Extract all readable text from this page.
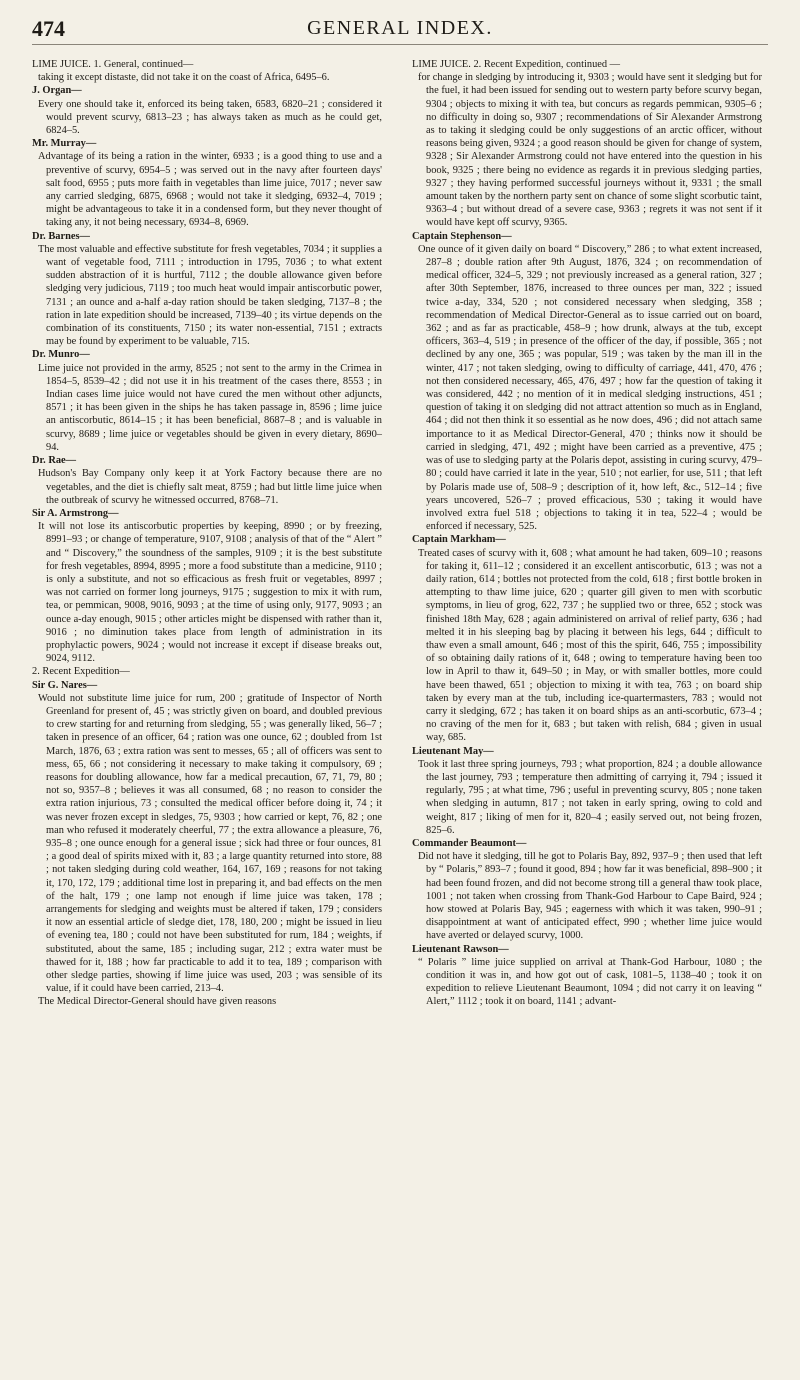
474	GENERAL INDEX.

LIME JUICE. 1. General, continued—

taking it except distaste, did not take it on the coast of Africa, 6495–6.

J. Organ—

Every one should take it, enforced its being taken, 6583, 6820–21 ; considered it would prevent scurvy, 6813–23 ; has always taken as much as he could get, 6824–5.

Mr. Murray—

Advantage of its being a ration in the winter, 6933 ; is a good thing to use and a preventive of scurvy, 6954–5 ; was served out in the navy after fourteen days' salt food, 6955 ; puts more faith in vegetables than lime juice, 7017 ; never saw any carried sledging, 6875, 6968 ; would not take it sledging, 6932–4, 7019 ; might be advantageous to take it in a condensed form, but they never thought of taking any, it not being necessary, 6934–8, 6969.

Dr. Barnes—

The most valuable and effective substitute for fresh vegetables, 7034 ; it supplies a want of vegetable food, 7111 ; introduction in 1795, 7036 ; to what extent sudden abstraction of it is hurtful, 7112 ; the double allowance given before sledging very judicious, 7119 ; too much heat would impair antiscorbutic power, 7131 ; an ounce and a-half a-day ration should be taken sledging, 7137–8 ; the ration in late expedition should be increased, 7139–40 ; its virtue depends on the combination of its constituents, 7150 ; its water non-essential, 7151 ; extracts may be found by experiment to be valuable, 715.

Dr. Munro—

Lime juice not provided in the army, 8525 ; not sent to the army in the Crimea in 1854–5, 8539–42 ; did not use it in his treatment of the cases there, 8553 ; in Indian cases lime juice would not have cured the men without other adjuncts, 8571 ; it has been given in the ships he has taken passage in, 8596 ; lime juice an antiscorbutic, 8614–15 ; it has been beneficial, 8687–8 ; and is valuable in scurvy, 8689 ; lime juice or vegetables should be given in every dietary, 8690–94.

Dr. Rae—

Hudson's Bay Company only keep it at York Factory because there are no vegetables, and the diet is chiefly salt meat, 8759 ; had but little lime juice when the outbreak of scurvy he witnessed occurred, 8768–71.

Sir A. Armstrong—

It will not lose its antiscorbutic properties by keeping, 8990 ; or by freezing, 8991–93 ; or change of temperature, 9107, 9108 ; analysis of that of the “ Alert ” and “ Discovery,” the soundness of the samples, 9109 ; it is the best substitute for fresh vegetables, 8994, 8995 ; more a food substitute than a medicine, 9110 ; is only a substitute, and not so efficacious as fresh fruit or vegetables, 8997 ; was not carried on former long journeys, 9175 ; suggestion to mix it with rum, tea, or pemmican, 9008, 9016, 9093 ; at the time of using only, 9177, 9093 ; an ounce a-day enough, 9015 ; other articles might be dispensed with rather than it, 9016 ; no diminution takes place from length of administration in its prophylactic powers, 9024 ; would not increase it except if disease breaks out, 9024, 9112.

2. Recent Expedition—

Sir G. Nares—

Would not substitute lime juice for rum, 200 ; gratitude of Inspector of North Greenland for present of, 45 ; was strictly given on board, and doubled previous to crew starting for and returning from sledging, 55 ; was generally liked, 56–7 ; taken in presence of an officer, 64 ; ration was one ounce, 62 ; doubled from 1st March, 1876, 63 ; extra ration was sent to messes, 65 ; all of officers was sent to mess, 65, 66 ; not considering it necessary to make taking it compulsory, 69 ; reasons for doubling allowance, how far a medical precaution, 67, 71, 79, 80 ; not so, 9357–8 ; believes it was all consumed, 68 ; no reason to consider the extra ration injurious, 73 ; consulted the medical officer before doing it, 74 ; it was never frozen except in sledges, 75, 9303 ; how carried or kept, 76, 82 ; one man who refused it moderately cheerful, 77 ; the extra allowance a pleasure, 76, 935–8 ; one ounce enough for a general issue ; sick had three or four ounces, 81 ; a good deal of spirits mixed with it, 83 ; a large quantity returned into store, 88 ; not taken sledging during cold weather, 164, 167, 169 ; reasons for not taking it, 170, 172, 179 ; additional time lost in preparing it, and bad effects on the men of the halt, 179 ; one lamp not enough if lime juice was taken, 178 ; arrangements for sledging and weights must be altered if taken, 179 ; considers it now an essential article of sledge diet, 178, 180, 200 ; might be issued in lieu of evening tea, 180 ; could not have been substituted for rum, 184 ; weights, if substituted, about the same, 185 ; including sugar, 212 ; extra water must be thawed for it, 188 ; how far practicable to add it to tea, 189 ; comparison with other sledge parties, showing if lime juice was used, 203 ; was sensible of its value, if it could have been carried, 213–4.

The Medical Director-General should have given reasons

LIME JUICE. 2. Recent Expedition, continued —

for change in sledging by introducing it, 9303 ; would have sent it sledging but for the fuel, it had been issued for sending out to western party before scurvy began, 9304 ; objects to mixing it with tea, but concurs as regards pemmican, 9305–6 ; no difficulty in doing so, 9307 ; recommendations of Sir Alexander Armstrong as to taking it sledging could be only suggestions of an arctic officer, without reasons being given, 9324 ; a good reason should be given for change of system, 9328 ; Sir Alexander Armstrong could not have entered into the question in his book, 9325 ; there being no evidence as regards it in previous sledging parties, 9327 ; they having performed successful journeys without it, 9331 ; the small amount taken by the northern party sent on chance of some slight scorbutic taint, 9363–4 ; but without dread of a severe case, 9363 ; regrets it was not sent if it would have kept off scurvy, 9365.

Captain Stephenson—

One ounce of it given daily on board “ Discovery,” 286 ; to what extent increased, 287–8 ; double ration after 9th August, 1876, 324 ; on recommendation of medical officer, 324–5, 329 ; not previously increased as a general ration, 327 ; after 30th September, 1876, increased to three ounces per man, 322 ; issued twice a-day, 334, 520 ; not considered necessary when sledging, 358 ; recommendation of Medical Director-General as to issue carried out on board, 362 ; and as far as practicable, 458–9 ; how drunk, always at the tub, except officers, 363–4, 519 ; in presence of the officer of the day, if possible, 365 ; not declined by any one, 365 ; was popular, 519 ; was taken by the man ill in the winter, 417 ; not taken sledging, owing to difficulty of carriage, 441, 470, 476 ; not then considered necessary, 465, 476, 497 ; how far the question of taking it was considered, 442 ; no mention of it in medical sledging instructions, 451 ; question of taking it on sledging did not attract attention so much as in England, 464 ; did not then think it so essential as he now does, 496 ; did not attach same importance to it as Medical Director-General, 470 ; thinks now it should be carried in sledging, 471, 492 ; might have been carried as a preventive, 475 ; was of use to sledging party at the Polaris depot, assisting in curing scurvy, 479–80 ; could have carried it late in the year, 510 ; not earlier, for use, 511 ; that left by Polaris made use of, 508–9 ; description of it, how left, &c., 512–14 ; five years uncovered, 526–7 ; proved efficacious, 530 ; taking it would have involved extra fuel 518 ; objections to taking it in tea, 522–4 ; would be enforced if necessary, 525.

Captain Markham—

Treated cases of scurvy with it, 608 ; what amount he had taken, 609–10 ; reasons for taking it, 611–12 ; considered it an excellent antiscorbutic, 613 ; was not a daily ration, 614 ; bottles not protected from the cold, 618 ; first bottle broken in attempting to thaw lime juice, 620 ; quarter gill given to men with scorbutic symptoms, in lieu of grog, 622, 737 ; he supplied two or three, 652 ; stock was finished 18th May, 628 ; again administered on arrival of relief party, 636 ; had melted it in his sleeping bag by placing it between his legs, 644 ; difficult to thaw even a small amount, 646 ; most of this the spirit, 646, 755 ; impossibility of so obtaining daily rations of it, 648 ; owing to temperature having been too low in April to thaw it, 649–50 ; in May, or with smaller bottles, more could have been thawed, 651 ; objection to mixing it with tea, 763 ; on board ship taken by every man at the tub, including ice-quartermasters, 783 ; would not carry it sledging, 672 ; has taken it on board ships as an anti-scorbutic, 673–4 ; no craving of the men for it, 683 ; but taken with relish, 684 ; given in usual way, 685.

Lieutenant May—

Took it last three spring journeys, 793 ; what proportion, 824 ; a double allowance the last journey, 793 ; temperature then admitting of carrying it, 794 ; issued it regularly, 795 ; at what time, 796 ; useful in preventing scurvy, 805 ; none taken when sledging in autumn, 817 ; not taken in early spring, owing to cold and weight, 817 ; liking of men for it, 820–4 ; easily served out, not being frozen, 825–6.

Commander Beaumont—

Did not have it sledging, till he got to Polaris Bay, 892, 937–9 ; then used that left by “ Polaris,” 893–7 ; found it good, 894 ; how far it was beneficial, 898–900 ; it had been found frozen, and did not become strong till a general thaw took place, 1001 ; not taken when crossing from Thank-God Harbour to Cape Baird, 924 ; how stowed at Polaris Bay, 945 ; eagerness with which it was taken, 990–91 ; disappointment at want of anticipated effect, 990 ; whether lime juice would have averted or delayed scurvy, 1000.

Lieutenant Rawson—

“ Polaris ” lime juice supplied on arrival at Thank-God Harbour, 1080 ; the condition it was in, and how got out of cask, 1081–5, 1138–40 ; took it on expedition to relieve Lieutenant Beaumont, 1094 ; did not carry it on leaving “ Alert,” 1112 ; took it on board, 1141 ; advant-
